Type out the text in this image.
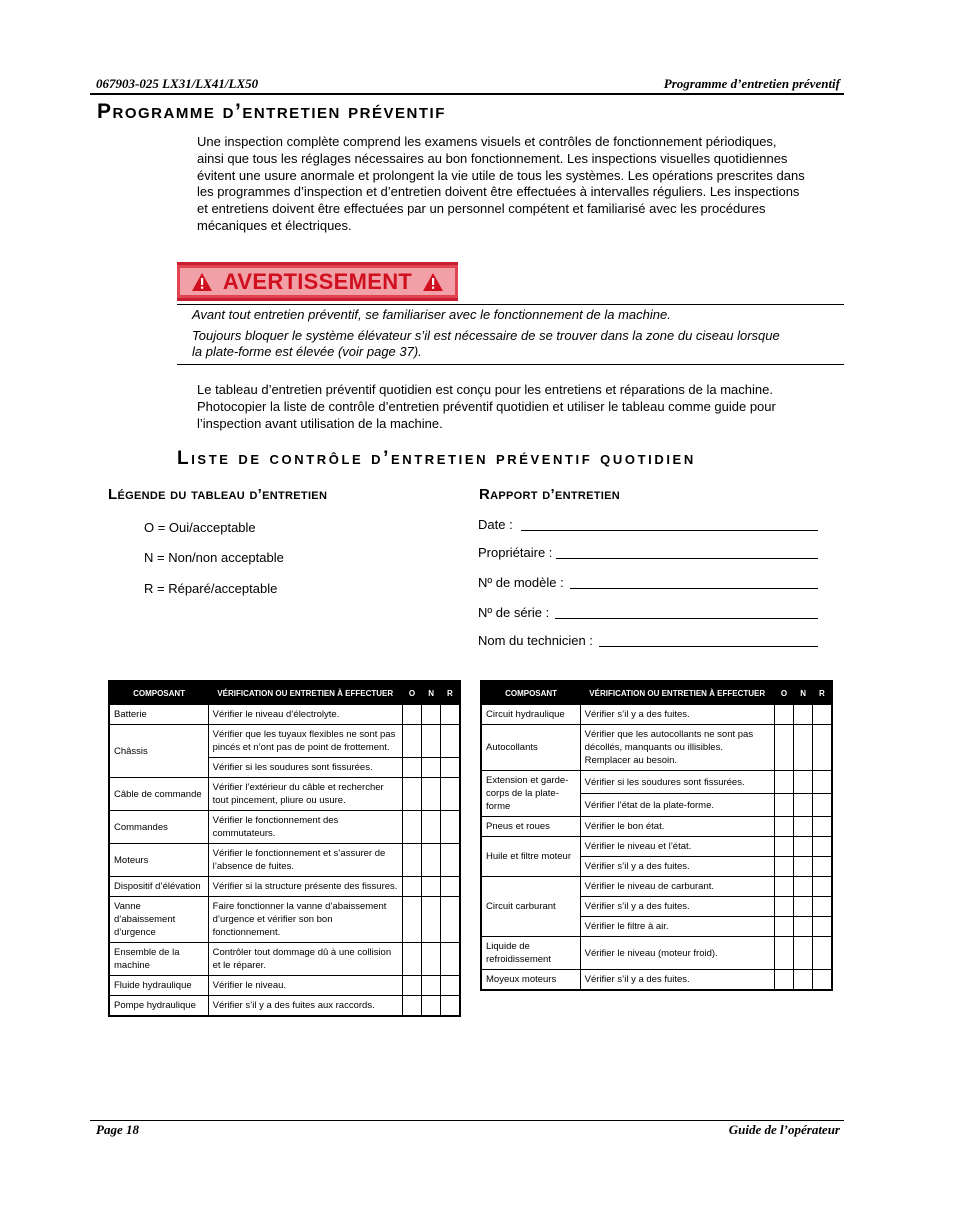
067903-025 LX31/LX41/LX50	Programme d’entretien préventif
Programme d’entretien préventif
Une inspection complète comprend les examens visuels et contrôles de fonctionnement périodiques,
ainsi que tous les réglages nécessaires au bon fonctionnement. Les inspections visuelles quotidiennes
évitent une usure anormale et prolongent la vie utile de tous les systèmes. Les opérations prescrites dans
les programmes d’inspection et d’entretien doivent être effectuées à intervalles réguliers. Les inspections
et entretiens doivent être effectuées par un personnel compétent et familiarisé avec les procédures
mécaniques et électriques.
AVERTISSEMENT
Avant tout entretien préventif, se familiariser avec le fonctionnement de la machine.
Toujours bloquer le système élévateur s’il est nécessaire de se trouver dans la zone du ciseau lorsque
la plate-forme est élevée (voir page 37).
Le tableau d’entretien préventif quotidien est conçu pour les entretiens et réparations de la machine.
Photocopier la liste de contrôle d’entretien préventif quotidien et utiliser le tableau comme guide pour
l’inspection avant utilisation de la machine.
Liste de contrôle d’entretien préventif quotidien
Légende du tableau d’entretien
O = Oui/acceptable
N = Non/non acceptable
R = Réparé/acceptable
Rapport d’entretien
Date :
Propriétaire :
Nº de modèle :
Nº de série :
Nom du technicien :
COMPOSANT	VÉRIFICATION OU ENTRETIEN À EFFECTUER	O	N	R
Batterie	Vérifier le niveau d’électrolyte.			
Châssis	Vérifier que les tuyaux flexibles ne sont pas pincés et n’ont pas de point de frottement.			
	Vérifier si les soudures sont fissurées.			
Câble de commande	Vérifier l’extérieur du câble et rechercher tout pincement, pliure ou usure.			
Commandes	Vérifier le fonctionnement des commutateurs.			
Moteurs	Vérifier le fonctionnement et s’assurer de l’absence de fuites.			
Dispositif d’élévation	Vérifier si la structure présente des fissures.			
Vanne d’abaissement d’urgence	Faire fonctionner la vanne d’abaissement d’urgence et vérifier son bon fonctionnement.			
Ensemble de la machine	Contrôler tout dommage dû à une collision et le réparer.			
Fluide hydraulique	Vérifier le niveau.			
Pompe hydraulique	Vérifier s’il y a des fuites aux raccords.			
COMPOSANT	VÉRIFICATION OU ENTRETIEN À EFFECTUER	O	N	R
Circuit hydraulique	Vérifier s’il y a des fuites.			
Autocollants	Vérifier que les autocollants ne sont pas décollés, manquants ou illisibles. Remplacer au besoin.			
Extension et garde-corps de la plate-forme	Vérifier si les soudures sont fissurées.			
	Vérifier l’état de la plate-forme.			
Pneus et roues	Vérifier le bon état.			
Huile et filtre moteur	Vérifier le niveau et l’état.			
	Vérifier s’il y a des fuites.			
Circuit carburant	Vérifier le niveau de carburant.			
	Vérifier s’il y a des fuites.			
	Vérifier le filtre à air.			
Liquide de refroidissement	Vérifier le niveau (moteur froid).			
Moyeux moteurs	Vérifier s’il y a des fuites.			
Page 18	Guide de l’opérateur
